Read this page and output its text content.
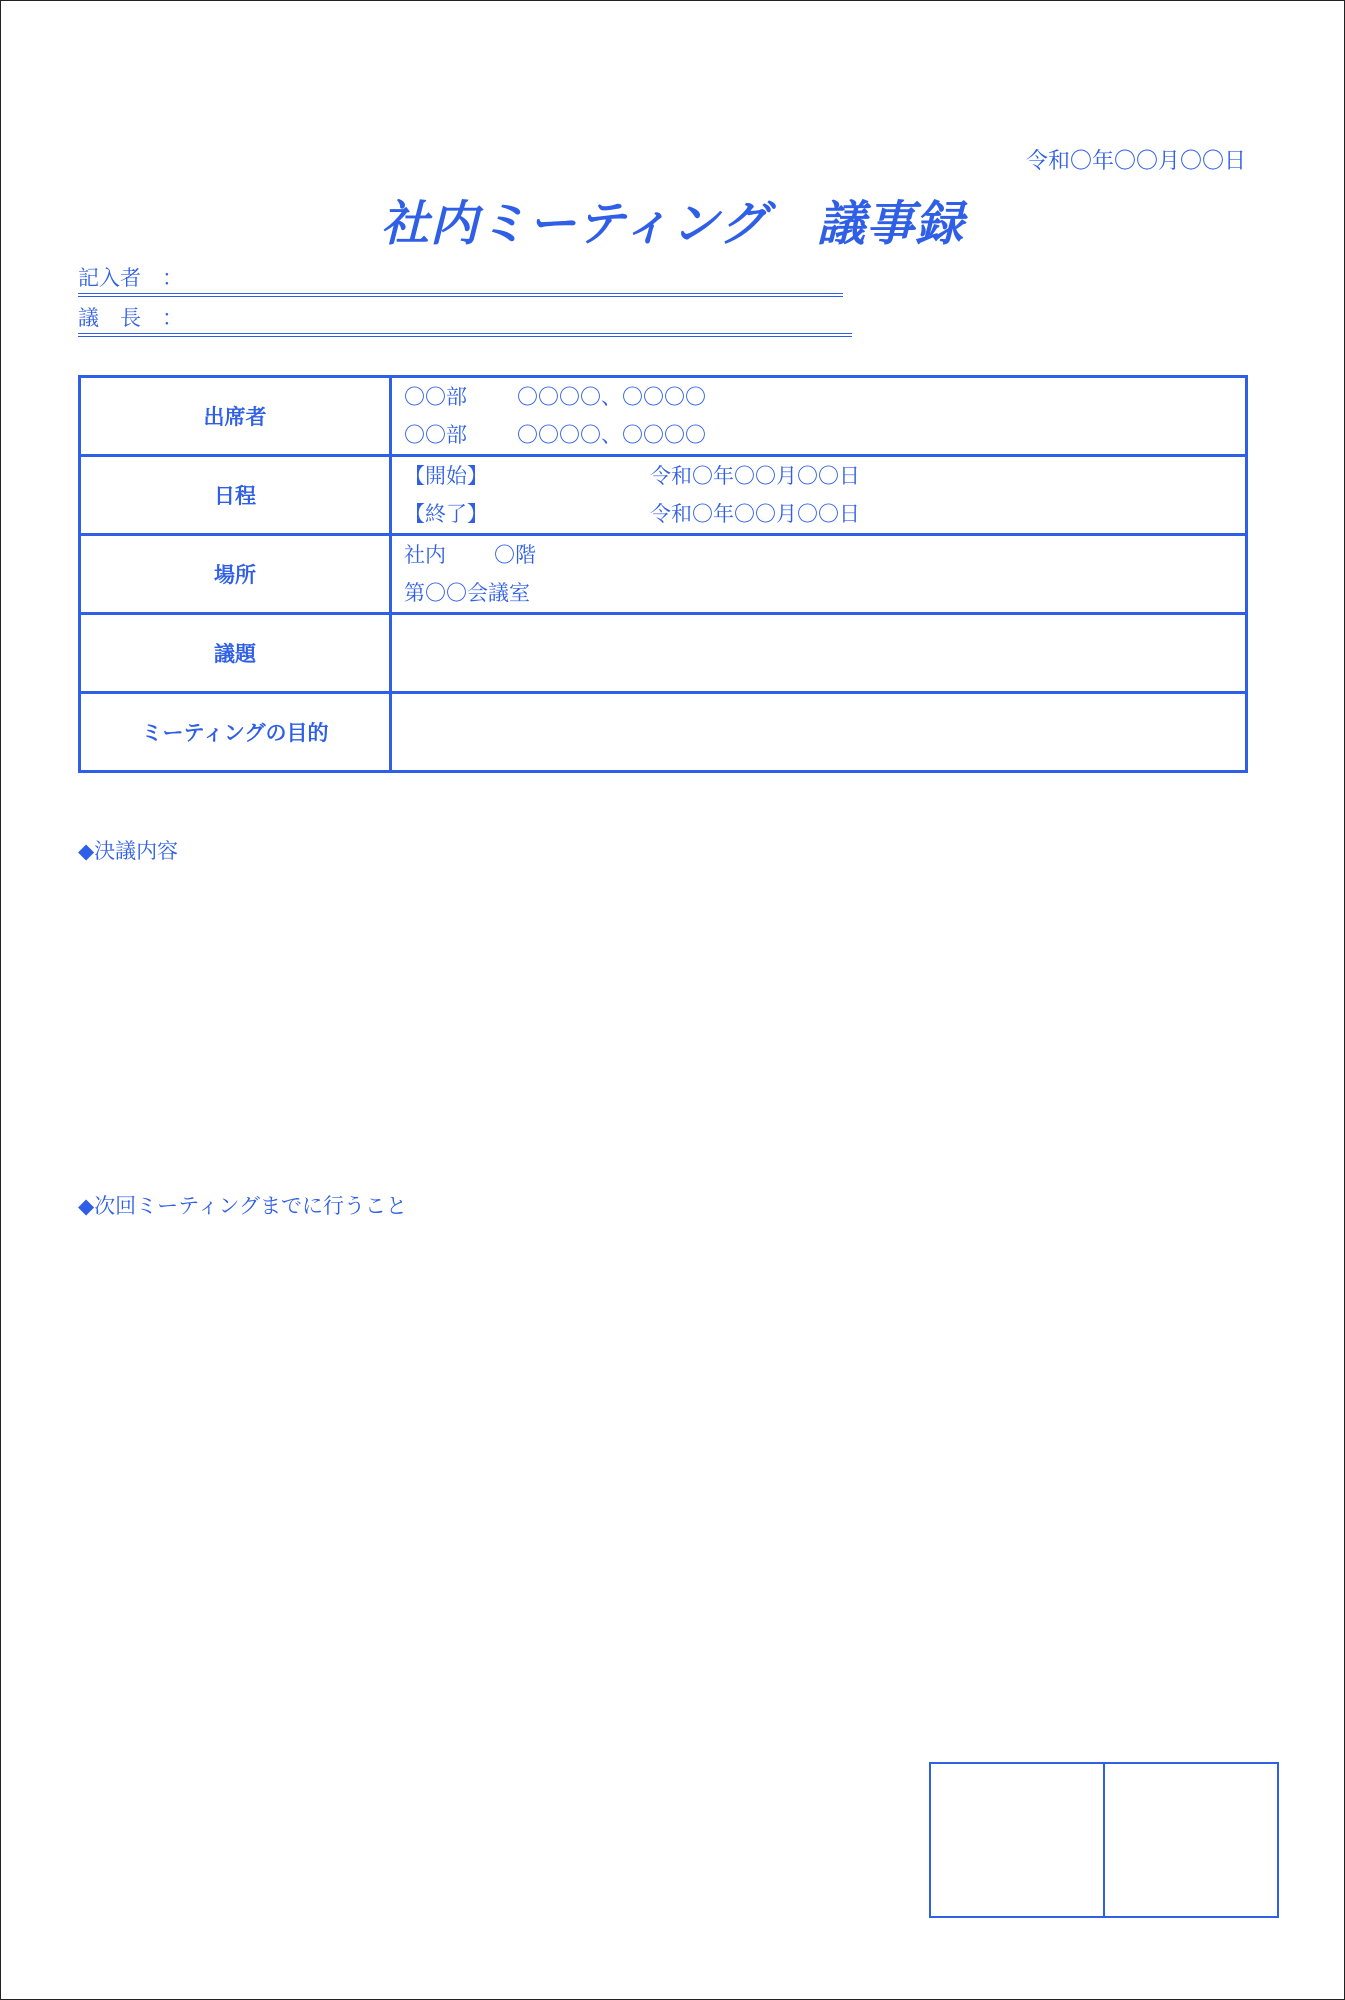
令和〇年〇〇月〇〇日
社内ミーティング　議事録
記入者　：
議　長　：
出席者	〇〇部 〇〇〇〇、〇〇〇〇
〇〇部 〇〇〇〇、〇〇〇〇

日程	【開始】 令和〇年〇〇月〇〇日
【終了】 令和〇年〇〇月〇〇日

場所	社内 〇階
第〇〇会議室

議題	
ミーティングの目的	
◆決議内容
◆次回ミーティングまでに行うこと
